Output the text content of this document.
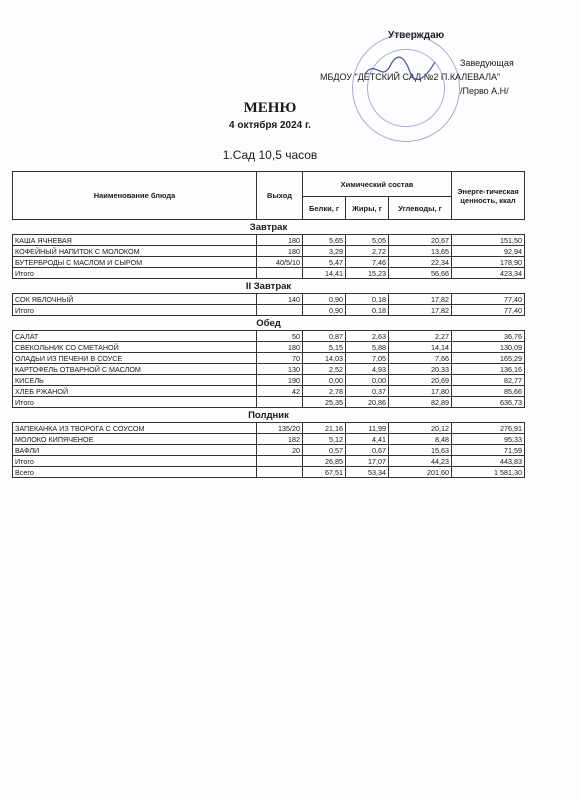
Утверждаю
Заведующая
МБДОУ "ДЕТСКИЙ САД №2 П.КАЛЕВАЛА"
/Перво А.Н/
МЕНЮ
4 октября 2024 г.
1.Сад 10,5 часов
Наименование блюда	Выход	Химический состав			Энерге-тическая ценность, ккал
		Белки, г	Жиры, г	Углеводы, г	
Завтрак					
КАША ЯЧНЕВАЯ	180	5,65	5,05	20,67	151,50
КОФЕЙНЫЙ НАПИТОК С МОЛОКОМ	180	3,29	2,72	13,65	92,94
БУТЕРБРОДЫ С МАСЛОМ И СЫРОМ	40/5/10	5,47	7,46	22,34	178,90
Итого		14,41	15,23	56,66	423,34
II Завтрак					
СОК ЯБЛОЧНЫЙ	140	0,90	0,18	17,82	77,40
Итого		0,90	0,18	17,82	77,40
Обед					
САЛАТ	50	0,87	2,63	2,27	36,76
СВЕКОЛЬНИК СО СМЕТАНОЙ	180	5,15	5,88	14,14	130,09
ОЛАДЬИ ИЗ ПЕЧЕНИ В СОУСЕ	70	14,03	7,05	7,66	165,29
КАРТОФЕЛЬ ОТВАРНОЙ С МАСЛОМ	130	2,52	4,93	20,33	136,16
КИСЕЛЬ	190	0,00	0,00	20,69	82,77
ХЛЕБ РЖАНОЙ	42	2,78	0,37	17,80	85,66
Итого		25,35	20,86	82,89	636,73
Полдник					
ЗАПЕКАНКА ИЗ ТВОРОГА С СОУСОМ	135/20	21,16	11,99	20,12	276,91
МОЛОКО КИПЯЧЕНОЕ	182	5,12	4,41	8,48	95,33
ВАФЛИ	20	0,57	0,67	15,63	71,59
Итого		26,85	17,07	44,23	443,83
Всего		67,51	53,34	201,60	1 581,30
